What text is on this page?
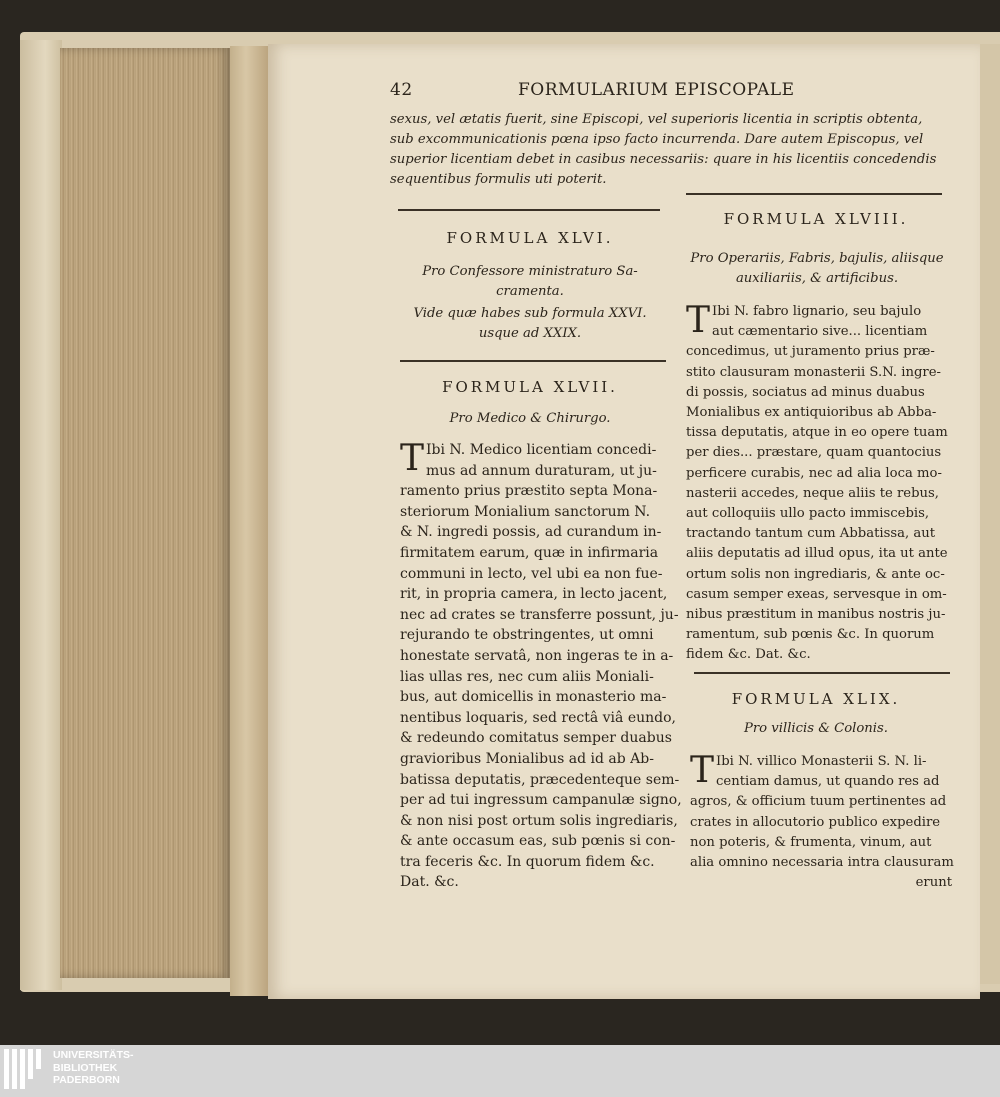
42	FORMULARIUM EPISCOPALE
sexus, vel ætatis fuerit, sine Episcopi, vel superioris licentia in scriptis obtenta,
sub excommunicationis pœna ipso facto incurrenda. Dare autem Episcopus, vel
superior licentiam debet in casibus necessariis: quare in his licentiis concedendis
sequentibus formulis uti poterit.
FORMULA XLVI.
Pro Confessore ministraturo Sa-
cramenta.
Vide quæ habes sub formula XXVI.
usque ad XXIX.
FORMULA XLVII.
Pro Medico & Chirurgo.
T Ibi N. Medico licentiam concedi-
mus ad annum duraturam, ut ju-
ramento prius præstito septa Mona-
steriorum Monialium sanctorum N.
& N. ingredi possis, ad curandum in-
firmitatem earum, quæ in infirmaria
communi in lecto, vel ubi ea non fue-
rit, in propria camera, in lecto jacent,
nec ad crates se transferre possunt, ju-
rejurando te obstringentes, ut omni
honestate servatâ, non ingeras te in a-
lias ullas res, nec cum aliis Moniali-
bus, aut domicellis in monasterio ma-
nentibus loquaris, sed rectâ viâ eundo,
& redeundo comitatus semper duabus
gravioribus Monialibus ad id ab Ab-
batissa deputatis, præcedenteque sem-
per ad tui ingressum campanulæ signo,
& non nisi post ortum solis ingrediaris,
& ante occasum eas, sub pœnis si con-
tra feceris &c. In quorum fidem &c.
Dat. &c.
FORMULA XLVIII.
Pro Operariis, Fabris, bajulis, aliisque
auxiliariis, & artificibus.
T Ibi N. fabro lignario, seu bajulo
aut cæmentario sive... licentiam
concedimus, ut juramento prius præ-
stito clausuram monasterii S.N. ingre-
di possis, sociatus ad minus duabus
Monialibus ex antiquioribus ab Abba-
tissa deputatis, atque in eo opere tuam
per dies... præstare, quam quantocius
perficere curabis, nec ad alia loca mo-
nasterii accedes, neque aliis te rebus,
aut colloquiis ullo pacto immiscebis,
tractando tantum cum Abbatissa, aut
aliis deputatis ad illud opus, ita ut ante
ortum solis non ingrediaris, & ante oc-
casum semper exeas, servesque in om-
nibus præstitum in manibus nostris ju-
ramentum, sub pœnis &c. In quorum
fidem &c. Dat. &c.
FORMULA XLIX.
Pro villicis & Colonis.
T Ibi N. villico Monasterii S. N. li-
centiam damus, ut quando res ad
agros, & officium tuum pertinentes ad
crates in allocutorio publico expedire
non poteris, & frumenta, vinum, aut
alia omnino necessaria intra clausuram
erunt
UNIVERSITÄTS-
BIBLIOTHEK
PADERBORN
